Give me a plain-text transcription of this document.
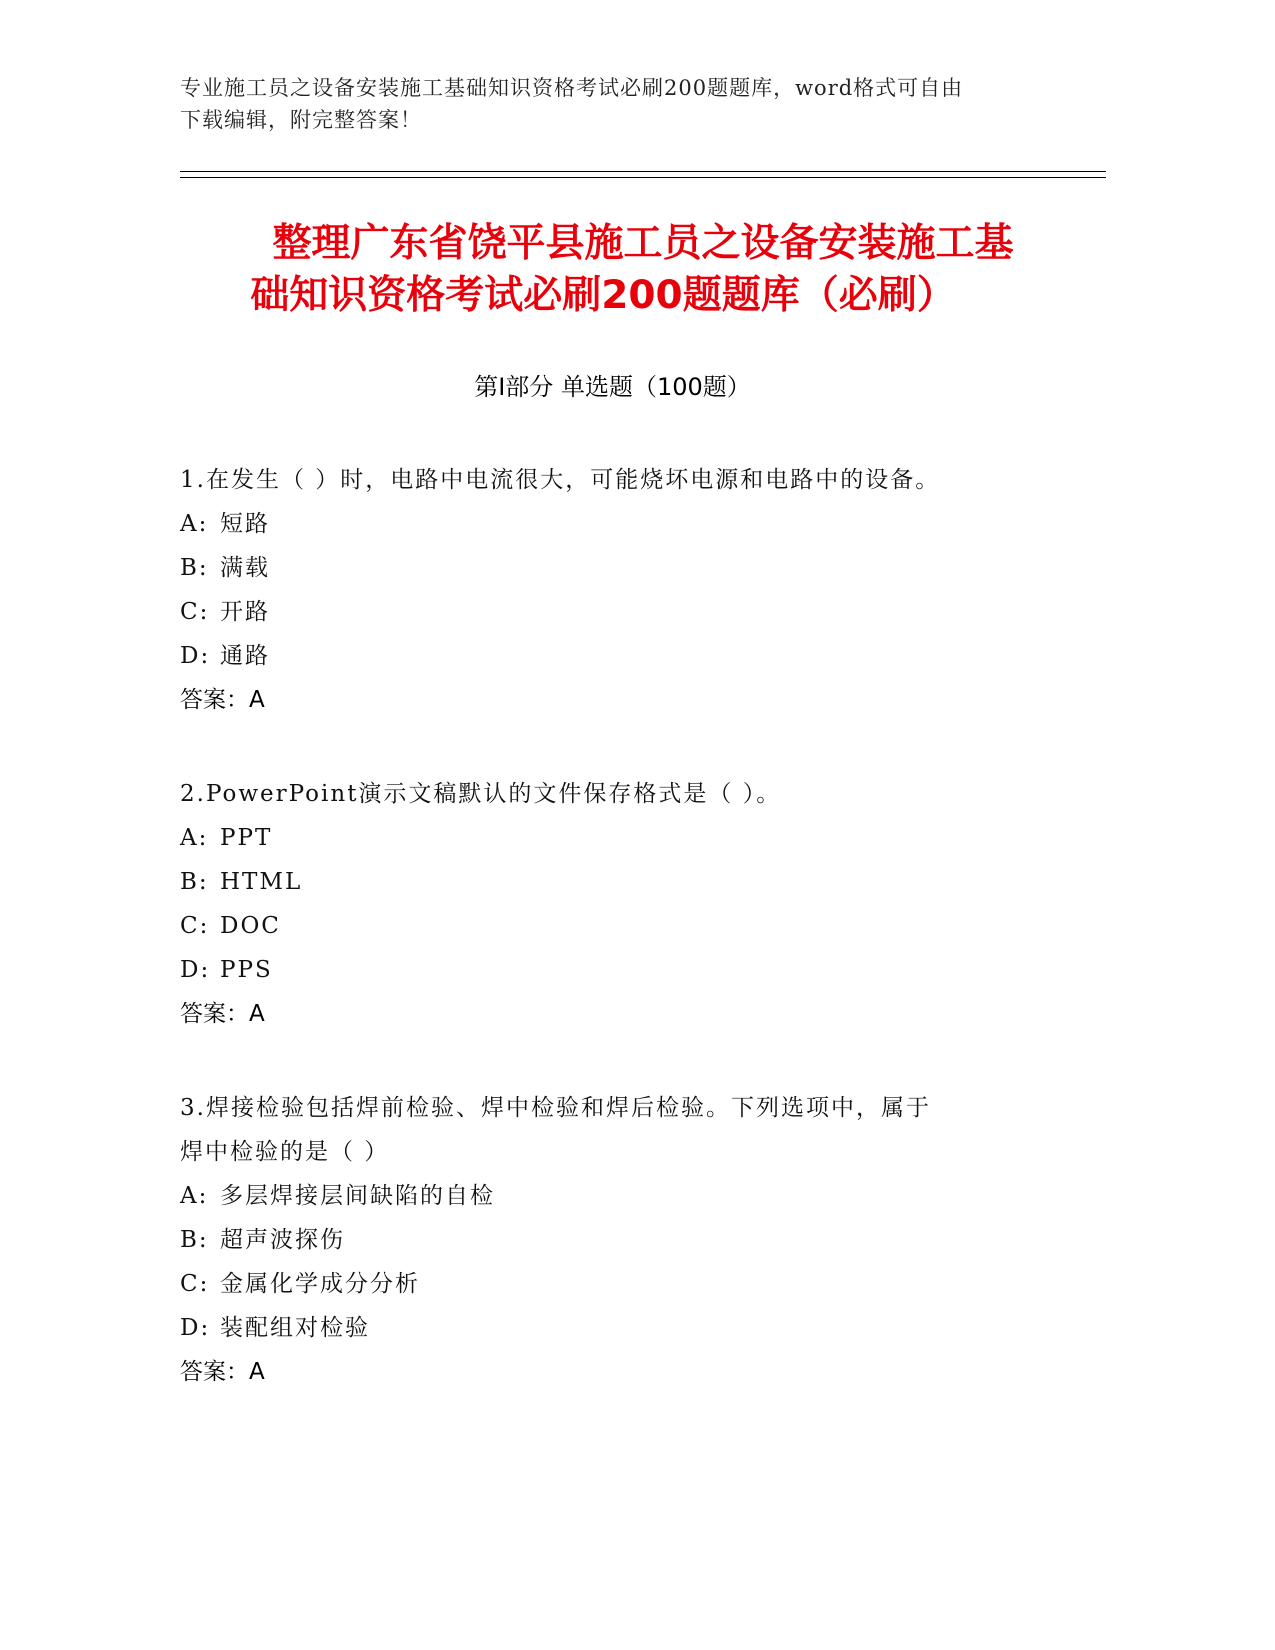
专业施工员之设备安装施工基础知识资格考试必刷200题题库，word格式可自由
下载编辑，附完整答案！
整理广东省饶平县施工员之设备安装施工基
础知识资格考试必刷200题题库（必刷）
第Ⅰ部分 单选题（100题）
1.在发生（ ）时，电路中电流很大，可能烧坏电源和电路中的设备。
A: 短路
B: 满载
C: 开路
D: 通路
答案：A
2.PowerPoint演示文稿默认的文件保存格式是（ ）。
A: PPT
B: HTML
C: DOC
D: PPS
答案：A
3.焊接检验包括焊前检验、焊中检验和焊后检验。下列选项中，属于
焊中检验的是（ ）
A: 多层焊接层间缺陷的自检
B: 超声波探伤
C: 金属化学成分分析
D: 装配组对检验
答案：A
